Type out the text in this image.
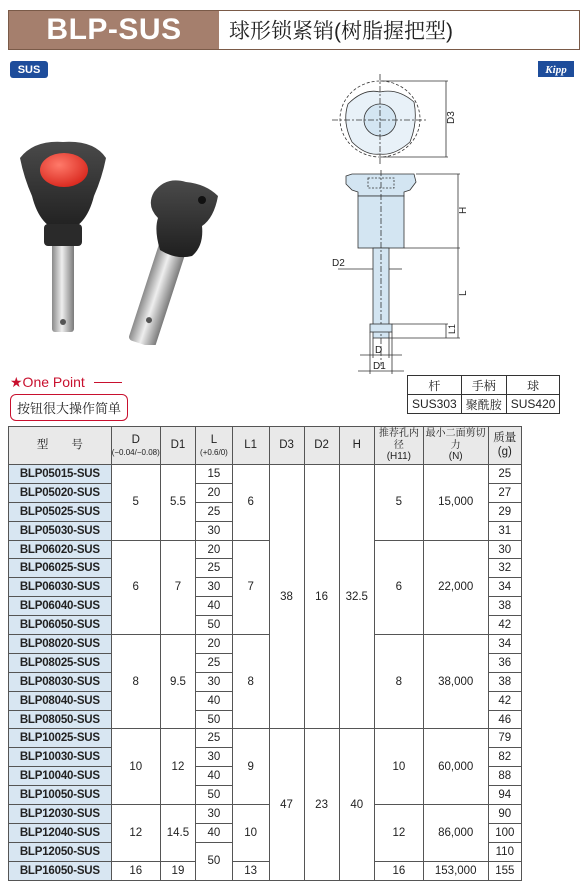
BLP-SUS	球形锁紧销(树脂握把型)
SUS	Kipp
D3
H
L
L1
D2
D
D1
★One Point
按钮很大操作简单
杆	手柄	球
SUS303	聚酰胺	SUS420
型　　号	D
(−0.04/−0.08)	D1	L
(+0.6/0)	L1	D3	D2	H	推荐孔内径
(H11)	最小二面剪切力
(N)	质量
(g)
BLP05015-SUS	5	5.5	15	6	38	16	32.5	5	15,000	25
BLP05020-SUS			20							27
BLP05025-SUS			25							29
BLP05030-SUS			30							31
BLP06020-SUS	6	7	20	7				6	22,000	30
BLP06025-SUS			25							32
BLP06030-SUS			30							34
BLP06040-SUS			40							38
BLP06050-SUS			50							42
BLP08020-SUS	8	9.5	20	8				8	38,000	34
BLP08025-SUS			25							36
BLP08030-SUS			30							38
BLP08040-SUS			40							42
BLP08050-SUS			50							46
BLP10025-SUS	10	12	25	9	47	23	40	10	60,000	79
BLP10030-SUS			30							82
BLP10040-SUS			40							88
BLP10050-SUS			50							94
BLP12030-SUS	12	14.5	30	10				12	86,000	90
BLP12040-SUS			40							100
BLP12050-SUS			50							110
BLP16050-SUS	16	19		13				16	153,000	155
